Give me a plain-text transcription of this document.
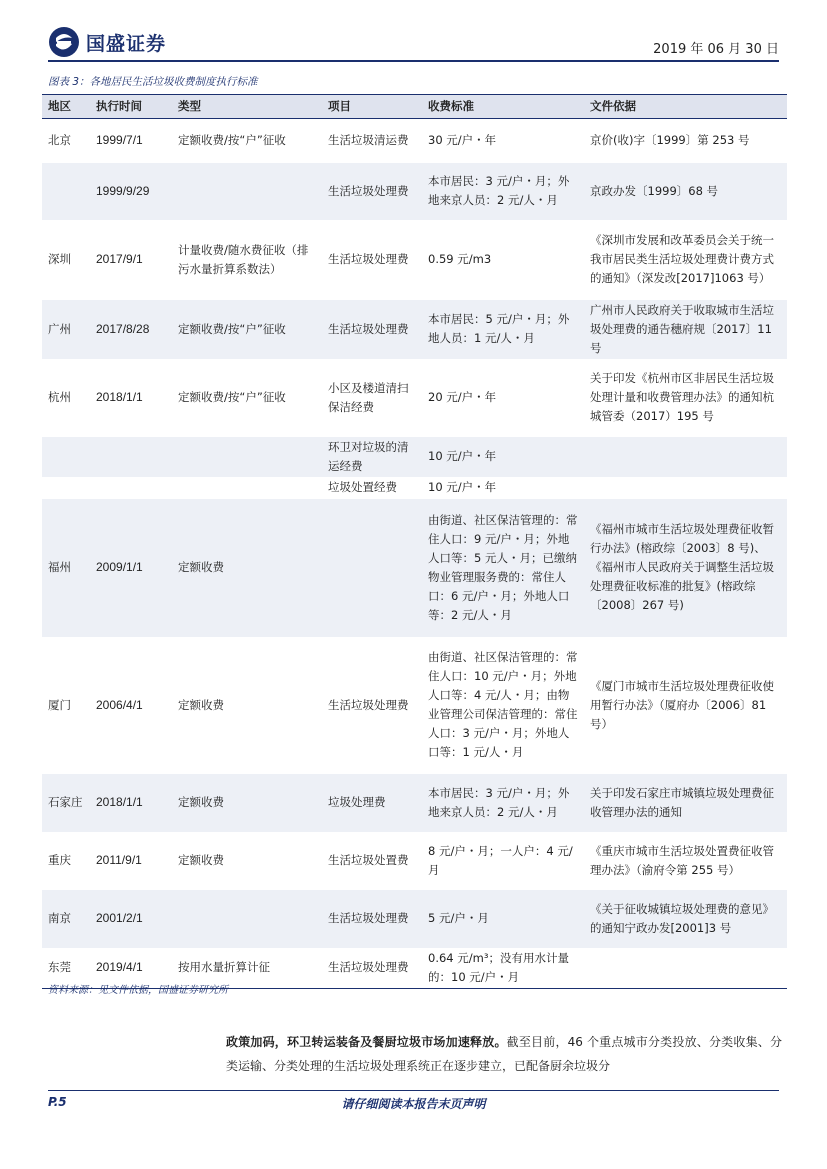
国盛证券	2019 年 06 月 30 日
图表 3：各地居民生活垃圾收费制度执行标准
地区	执行时间	类型	项目	收费标准	文件依据
北京	1999/7/1	定额收费/按“户”征收	生活垃圾清运费	30 元/户・年	京价(收)字〔1999〕第 253 号
	1999/9/29		生活垃圾处理费	本市居民：3 元/户・月；外地来京人员：2 元/人・月	京政办发〔1999〕68 号
深圳	2017/9/1	计量收费/随水费征收（排污水量折算系数法）	生活垃圾处理费	0.59 元/m3	《深圳市发展和改革委员会关于统一我市居民类生活垃圾处理费计费方式的通知》（深发改[2017]1063 号）
广州	2017/8/28	定额收费/按“户”征收	生活垃圾处理费	本市居民：5 元/户・月；外地人员：1 元/人・月	广州市人民政府关于收取城市生活垃圾处理费的通告穗府规〔2017〕11 号
杭州	2018/1/1	定额收费/按“户”征收	小区及楼道清扫保洁经费	20 元/户・年	关于印发《杭州市区非居民生活垃圾处理计量和收费管理办法》的通知杭城管委（2017）195 号
			环卫对垃圾的清运经费	10 元/户・年	
			垃圾处置经费	10 元/户・年	
福州	2009/1/1	定额收费		由街道、社区保洁管理的：常住人口：9 元/户・月；外地人口等：5 元人・月；已缴纳物业管理服务费的：常住人口：6 元/户・月；外地人口等：2 元/人・月	《福州市城市生活垃圾处理费征收暂行办法》(榕政综〔2003〕8 号)、《福州市人民政府关于调整生活垃圾处理费征收标准的批复》(榕政综〔2008〕267 号)
厦门	2006/4/1	定额收费	生活垃圾处理费	由街道、社区保洁管理的：常住人口：10 元/户・月；外地人口等：4 元/人・月；由物业管理公司保洁管理的：常住人口：3 元/户・月；外地人口等：1 元/人・月	《厦门市城市生活垃圾处理费征收使用暂行办法》（厦府办〔2006〕81 号）
石家庄	2018/1/1	定额收费	垃圾处理费	本市居民：3 元/户・月；外地来京人员：2 元/人・月	关于印发石家庄市城镇垃圾处理费征收管理办法的通知
重庆	2011/9/1	定额收费	生活垃圾处置费	8 元/户・月；一人户：4 元/月	《重庆市城市生活垃圾处置费征收管理办法》（渝府令第 255 号）
南京	2001/2/1		生活垃圾处理费	5 元/户・月	《关于征收城镇垃圾处理费的意见》的通知宁政办发[2001]3 号
东莞	2019/4/1	按用水量折算计征	生活垃圾处理费	0.64 元/m³；没有用水计量的：10 元/户・月	
资料来源：见文件依据，国盛证券研究所
政策加码，环卫转运装备及餐厨垃圾市场加速释放。截至目前，46 个重点城市分类投放、分类收集、分类运输、分类处理的生活垃圾处理系统正在逐步建立，已配备厨余垃圾分
请仔细阅读本报告末页声明
P.5
